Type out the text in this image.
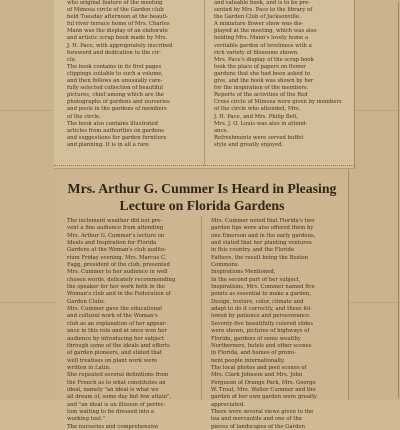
who original feature of the meeting

of Mimosa circle of the Garden club

held Tuesday afternoon at the beauti-

ful river terrace home of Mrs. Charles

Mann was the display of an elaborate

and artistic scrap book made by Mrs.

J. H. Pace, with appropriately inscribed

foreword and dedication to the cir-

cle.

The book contains in its first pages

clippings suitable to such a volume,

and then follows an unusually care-

fully selected collection of beautiful

pictures, chief among which are the

photographs of gardens and nurseries

and pools in the gardens of members

of the circle.

The book also contains illustrated

articles from authorities on gardens

and suggestions for garden furniture

and planning. It is in all a rare

and valuable book, and is to be pre-

sented by Mrs. Pace to the library of

the Garden Club of Jacksonville.

A miniature flower show was dis-

played at the meeting, which was also

holding Mrs. Mann's lovely home a

veritable garden of loveliness with a

rich variety of blossoms shown.

Mrs. Pace's display of the scrap book

took the place of papers on flower

gardens that she had been asked to

give, and the book was shown by her

for the inspiration of the members.

Reports of the activities of the Red

Cross circle of Mimosa were given by members

of the circle who attended, Mrs.

J. H. Pace, and Mrs. Philip Belt,

Mrs. J. O. Louis was also in attend-

ance.

Refreshments were served buffet

style and greatly enjoyed.

Mrs. Arthur G. Cummer Is Heard in Pleasing Lecture on Florida Gardens

The inclement weather did not pre-

vent a fine audience from attending

Mrs. Arthur G. Cummer's lecture on

Ideals and Inspiration for Florida

Gardens at the Woman's club audito-

rium Friday evening. Mrs. Marcus C.

Fagg, president of the club, presented

Mrs. Cummer to her audience in well

chosen words, delicately recommending

the speaker for her work both in the

Woman's club and in the Federation of

Garden Clubs.

Mrs. Cummer gave the educational

and cultural work of the Woman's

club as an explanation of her appear-

ance in this role and at once won her

audience by introducing her subject

through some of the ideals and efforts

of garden pioneers, and stated that

well treatises on plant work were

written in Latin.

She repeated several definitions from

the French as to what constitutes an

ideal, namely "an ideal is what we

all dream of, some day but few attain",

and "an ideal is an illusion of perfec-

tion waiting to be dressed into a

working tool."

The nurseries and comprehensive

Mrs. Cummer noted that Florida's two

garden tips were also offered them by

one Emerson and in the early gardens,

and stated that her planting ventures

in this country, and the Florida

Fathers, the result being the Boston

Commons.

Inspirations Mentioned.

In the second part of her subject,

Inspirations, Mrs. Cummer named five

points as essential to make a garden,

Design, texture, color, climate and

adapt to do it correctly, and these fol-

lowed by patience and perseverance.

Seventy-five beautifully colored slides

were shown, pictures of highways of

Florida, gardens of some wealthy

Northerners, hotels and other scenes

in Florida, and homes of promi-

nent people internationally.

The local photos and pool scenes of

Mrs. Clark Johnson and Mrs. John

Ferguson of Orange Park, Mrs. George

W. Trout, Mrs. Walter Cummer and the

garden of her own garden were greatly

appreciated.

There were several views given to the

tea and mercantile and one of the

pieces of landscapes of the Garden
